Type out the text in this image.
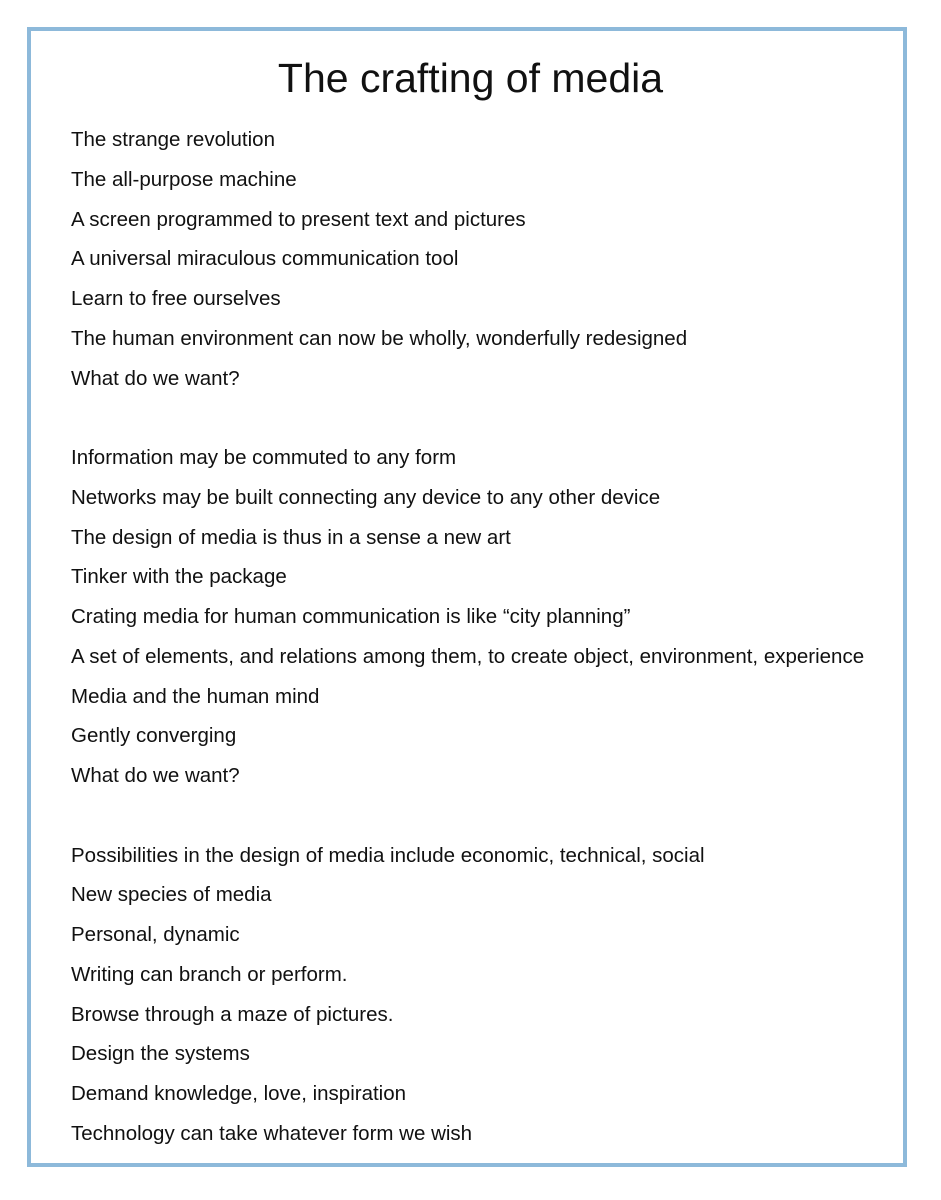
The crafting of media
The strange revolution
The all-purpose machine
A screen programmed to present text and pictures
A universal miraculous communication tool
Learn to free ourselves
The human environment can now be wholly, wonderfully redesigned
What do we want?
Information may be commuted to any form
Networks may be built connecting any device to any other device
The design of media is thus in a sense a new art
Tinker with the package
Crating media for human communication is like “city planning”
A set of elements, and relations among them, to create object, environment, experience
Media and the human mind
Gently converging
What do we want?
Possibilities in the design of media include economic, technical, social
New species of media
Personal, dynamic
Writing can branch or perform.
Browse through a maze of pictures.
Design the systems
Demand knowledge, love, inspiration
Technology can take whatever form we wish
